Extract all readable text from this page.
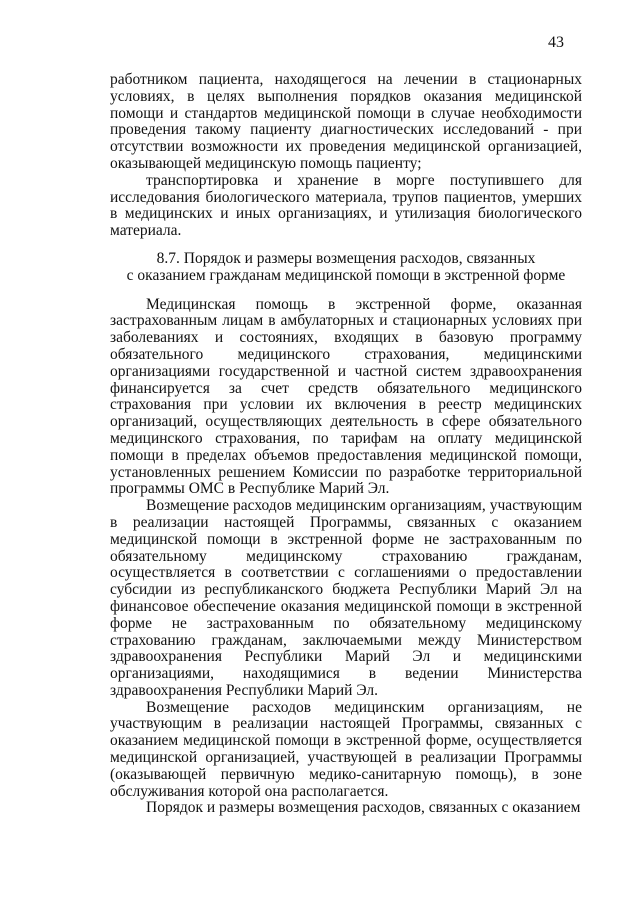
43

работником пациента, находящегося на лечении в стационарных условиях, в целях выполнения порядков оказания медицинской помощи и стандартов медицинской помощи в случае необходимости проведения такому пациенту диагностических исследований - при отсутствии возможности их проведения медицинской организацией, оказывающей медицинскую помощь пациенту;

транспортировка и хранение в морге поступившего для исследования биологического материала, трупов пациентов, умерших в медицинских и иных организациях, и утилизация биологического материала.

8.7. Порядок и размеры возмещения расходов, связанных
с оказанием гражданам медицинской помощи в экстренной форме

Медицинская помощь в экстренной форме, оказанная застрахованным лицам в амбулаторных и стационарных условиях при заболеваниях и состояниях, входящих в базовую программу обязательного медицинского страхования, медицинскими организациями государственной и частной систем здравоохранения финансируется за счет средств обязательного медицинского страхования при условии их включения в реестр медицинских организаций, осуществляющих деятельность в сфере обязательного медицинского страхования, по тарифам на оплату медицинской помощи в пределах объемов предоставления медицинской помощи, установленных решением Комиссии по разработке территориальной программы ОМС в Республике Марий Эл.

Возмещение расходов медицинским организациям, участвующим в реализации настоящей Программы, связанных с оказанием медицинской помощи в экстренной форме не застрахованным по обязательному медицинскому страхованию гражданам, осуществляется в соответствии с соглашениями о предоставлении субсидии из республиканского бюджета Республики Марий Эл на финансовое обеспечение оказания медицинской помощи в экстренной форме не застрахованным по обязательному медицинскому страхованию гражданам, заключаемыми между Министерством здравоохранения Республики Марий Эл и медицинскими организациями, находящимися в ведении Министерства здравоохранения Республики Марий Эл.

Возмещение расходов медицинским организациям, не участвующим в реализации настоящей Программы, связанных с оказанием медицинской помощи в экстренной форме, осуществляется медицинской организацией, участвующей в реализации Программы (оказывающей первичную медико-санитарную помощь), в зоне обслуживания которой она располагается.

Порядок и размеры возмещения расходов, связанных с оказанием
